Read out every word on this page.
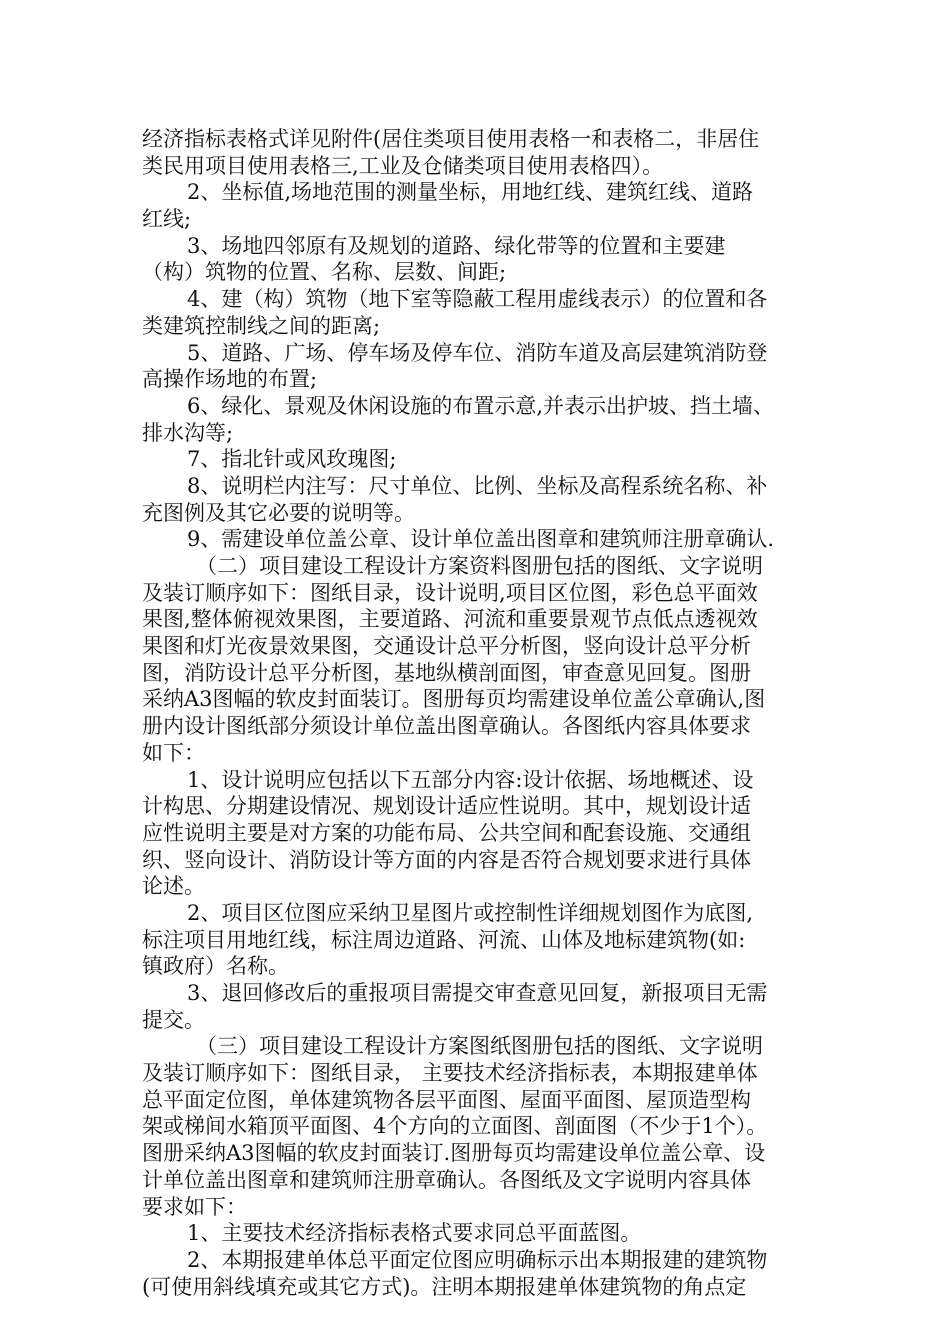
经济指标表格式详见附件(居住类项目使用表格一和表格二，非居住
类民用项目使用表格三,工业及仓储类项目使用表格四）。
2、坐标值,场地范围的测量坐标，用地红线、建筑红线、道路
红线;
3、场地四邻原有及规划的道路、绿化带等的位置和主要建
（构）筑物的位置、名称、层数、间距;
4、建（构）筑物（地下室等隐蔽工程用虚线表示）的位置和各
类建筑控制线之间的距离;
5、道路、广场、停车场及停车位、消防车道及高层建筑消防登
高操作场地的布置;
6、绿化、景观及休闲设施的布置示意,并表示出护坡、挡土墙、
排水沟等;
7、指北针或风玫瑰图;
8、说明栏内注写：尺寸单位、比例、坐标及高程系统名称、补
充图例及其它必要的说明等。
9、需建设单位盖公章、设计单位盖出图章和建筑师注册章确认.
（二）项目建设工程设计方案资料图册包括的图纸、文字说明
及装订顺序如下：图纸目录，设计说明,项目区位图，彩色总平面效
果图,整体俯视效果图，主要道路、河流和重要景观节点低点透视效
果图和灯光夜景效果图，交通设计总平分析图，竖向设计总平分析
图，消防设计总平分析图，基地纵横剖面图，审查意见回复。图册
采纳A3图幅的软皮封面装订。图册每页均需建设单位盖公章确认,图
册内设计图纸部分须设计单位盖出图章确认。各图纸内容具体要求
如下：
1、设计说明应包括以下五部分内容:设计依据、场地概述、设
计构思、分期建设情况、规划设计适应性说明。其中，规划设计适
应性说明主要是对方案的功能布局、公共空间和配套设施、交通组
织、竖向设计、消防设计等方面的内容是否符合规划要求进行具体
论述。
2、项目区位图应采纳卫星图片或控制性详细规划图作为底图,
标注项目用地红线，标注周边道路、河流、山体及地标建筑物(如:
镇政府）名称。
3、退回修改后的重报项目需提交审查意见回复，新报项目无需
提交。
（三）项目建设工程设计方案图纸图册包括的图纸、文字说明
及装订顺序如下：图纸目录， 主要技术经济指标表，本期报建单体
总平面定位图，单体建筑物各层平面图、屋面平面图、屋顶造型构
架或梯间水箱顶平面图、4个方向的立面图、剖面图（不少于1个）。
图册采纳A3图幅的软皮封面装订.图册每页均需建设单位盖公章、设
计单位盖出图章和建筑师注册章确认。各图纸及文字说明内容具体
要求如下：
1、主要技术经济指标表格式要求同总平面蓝图。
2、本期报建单体总平面定位图应明确标示出本期报建的建筑物
(可使用斜线填充或其它方式)。注明本期报建单体建筑物的角点定
